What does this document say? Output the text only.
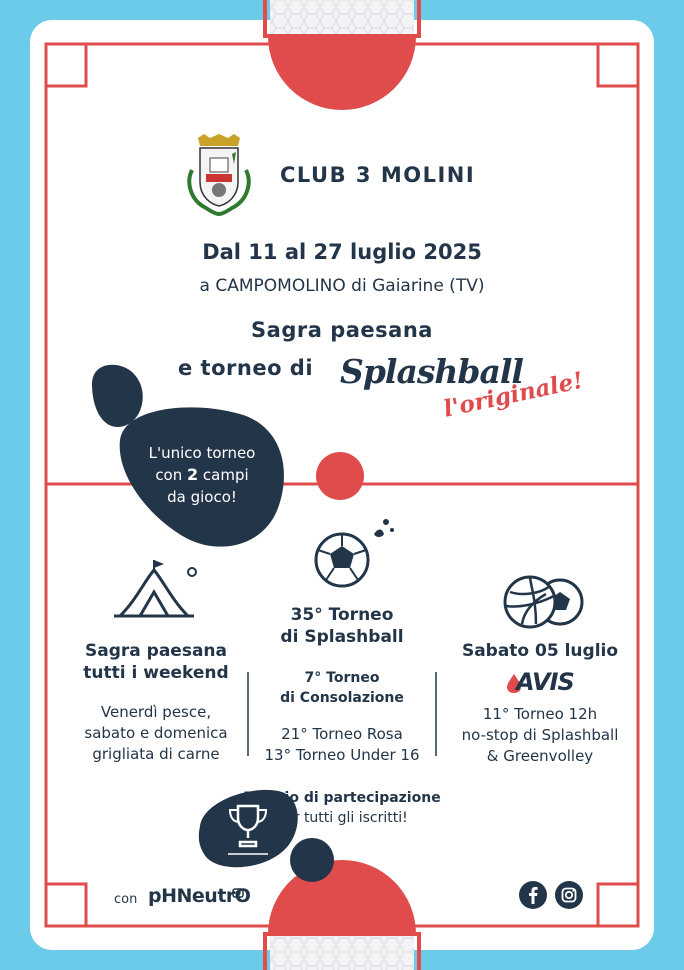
CLUB 3 MOLINI
Dal 11 al 27 luglio 2025
a CAMPOMOLINO di Gaiarine (TV)
Sagra paesana
e torneo di Splashball
l'originale!
L'unico torneo
con 2 campi
da gioco!
Sagra paesana
tutti i weekend
Venerdì pesce,
sabato e domenica
grigliata di carne
35° Torneo
di Splashball
7° Torneo
di Consolazione
21° Torneo Rosa
13° Torneo Under 16
Sabato 05 luglio
11° Torneo 12h
no-stop di Splashball
& Greenvolley
AVIS
Premio di partecipazione
per tutti gli iscritti!
con pHNeutrO
